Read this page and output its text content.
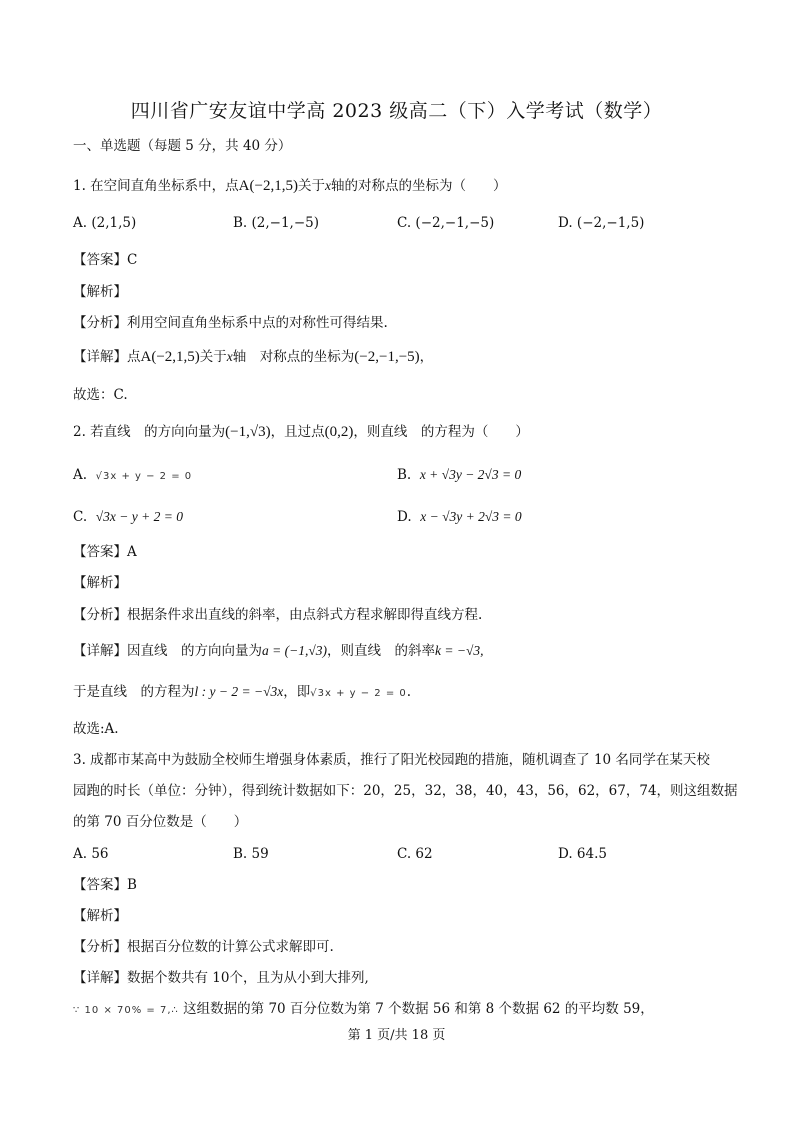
四川省广安友谊中学高 2023 级高二（下）入学考试（数学）
一、单选题（每题 5 分，共 40 分）
1. 在空间直角坐标系中，点A(−2,1,5)关于x轴的对称点的坐标为（　　）
A. (2,1,5)	B. (2,−1,−5)	C. (−2,−1,−5)	D. (−2,−1,5)
【答案】C
【解析】
【分析】利用空间直角坐标系中点的对称性可得结果.
【详解】点A(−2,1,5)关于x轴　对称点的坐标为(−2,−1,−5)，
故选：C.
2. 若直线　的方向向量为(−1,√3)，且过点(0,2)，则直线　的方程为（　　）
A. √3x + y − 2 = 0	B. x + √3y − 2√3 = 0
C. √3x − y + 2 = 0	D. x − √3y + 2√3 = 0
【答案】A
【解析】
【分析】根据条件求出直线的斜率，由点斜式方程求解即得直线方程.
【详解】因直线　的方向向量为a = (−1,√3)，则直线　的斜率k = −√3,
于是直线　的方程为l : y − 2 = −√3x，即√3x + y − 2 = 0.
故选:A.
3. 成都市某高中为鼓励全校师生增强身体素质，推行了阳光校园跑的措施，随机调查了 10 名同学在某天校
园跑的时长（单位：分钟），得到统计数据如下：20，25，32，38，40，43，56，62，67，74，则这组数据
的第 70 百分位数是（　　）
A. 56	B. 59	C. 62	D. 64.5
【答案】B
【解析】
【分析】根据百分位数的计算公式求解即可.
【详解】数据个数共有 10个，且为从小到大排列,
∵ 10 × 70% = 7,∴ 这组数据的第 70 百分位数为第 7 个数据 56 和第 8 个数据 62 的平均数 59，
第 1 页/共 18 页
